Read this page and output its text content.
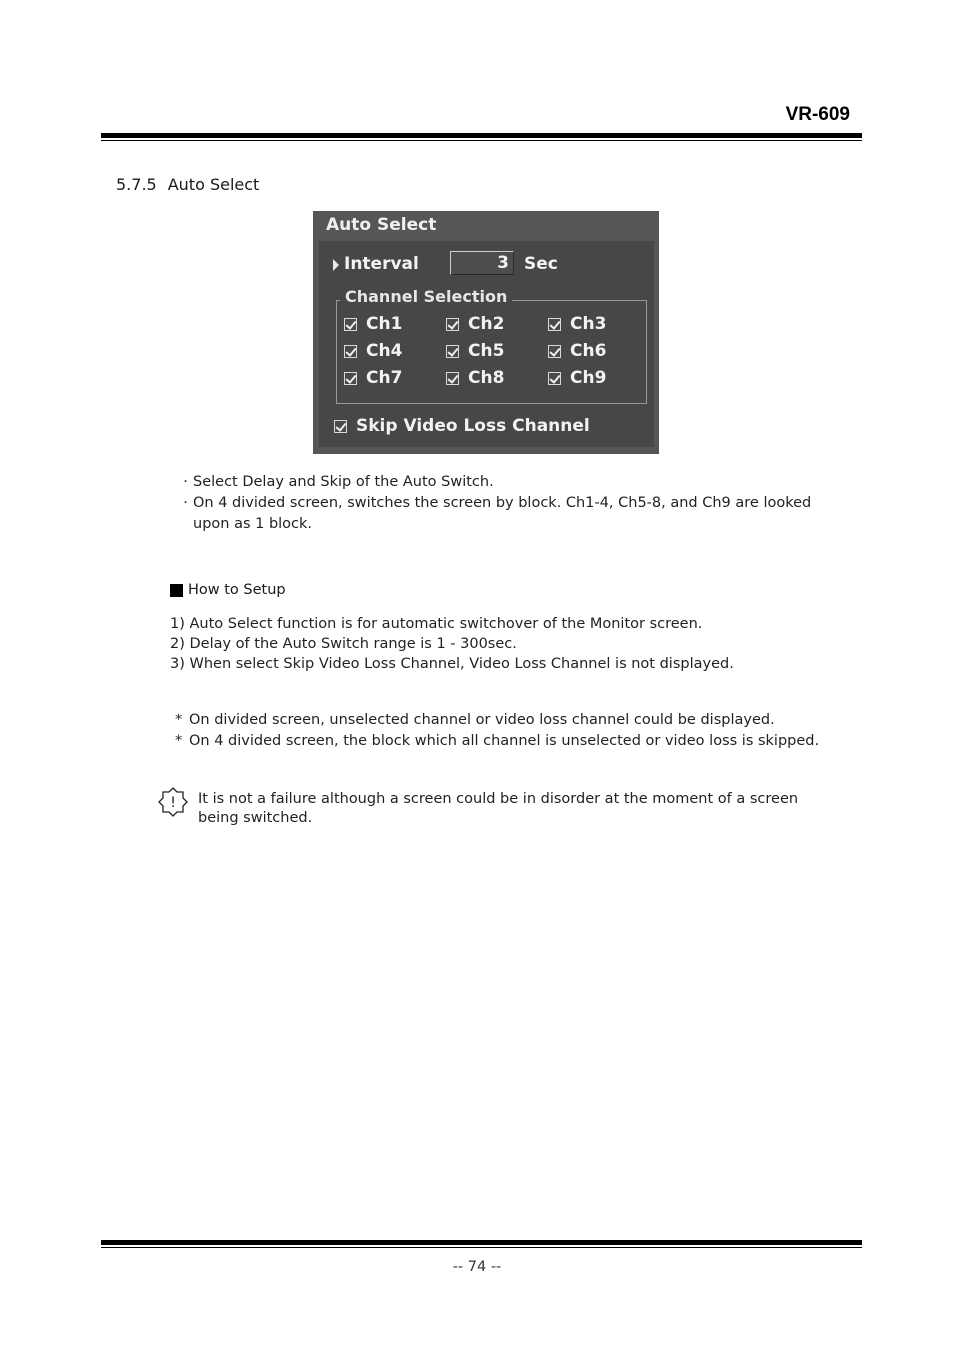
VR-609
5.7.5 Auto Select
Auto Select
Interval	3 Sec
Channel Selection
Ch1	Ch2	Ch3
Ch4	Ch5	Ch6
Ch7	Ch8	Ch9
Skip Video Loss Channel
· Select Delay and Skip of the Auto Switch.
· On 4 divided screen, switches the screen by block. Ch1-4, Ch5-8, and Ch9 are looked upon as 1 block.
How to Setup
1) Auto Select function is for automatic switchover of the Monitor screen.
2) Delay of the Auto Switch range is 1 - 300sec.
3) When select Skip Video Loss Channel, Video Loss Channel is not displayed.
* On divided screen, unselected channel or video loss channel could be displayed.
* On 4 divided screen, the block which all channel is unselected or video loss is skipped.
! It is not a failure although a screen could be in disorder at the moment of a screen being switched.
-- 74 --
